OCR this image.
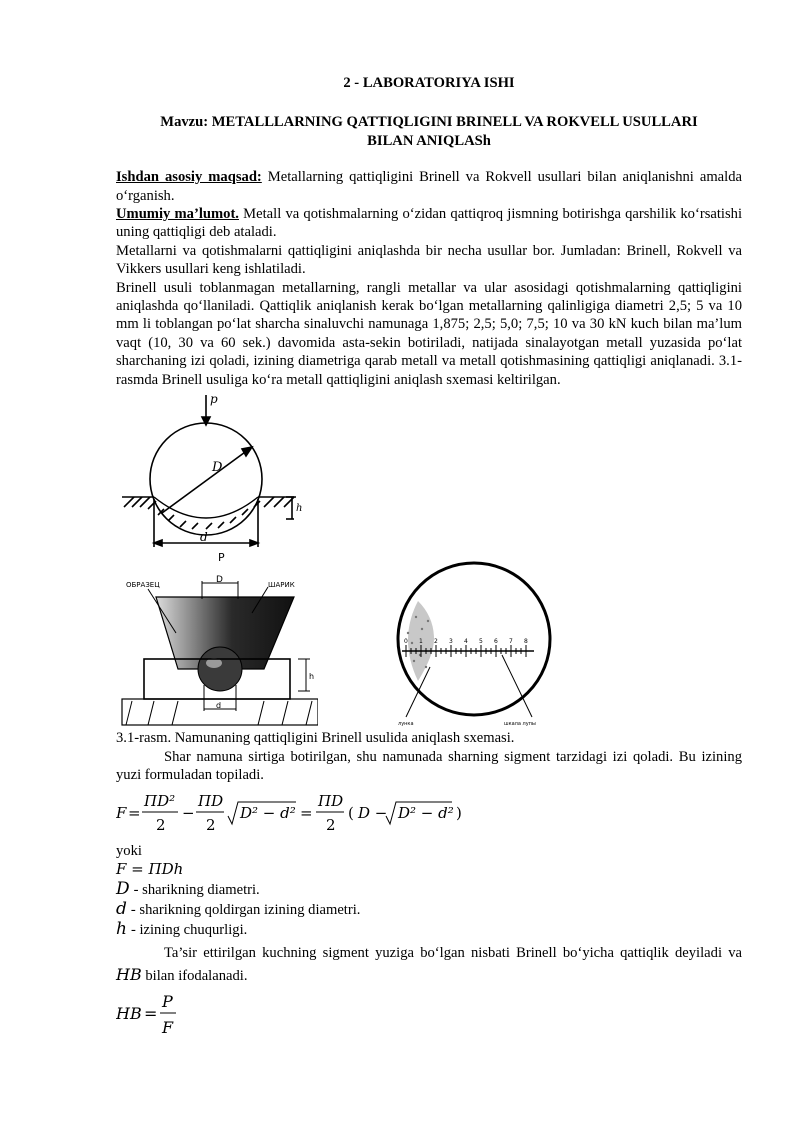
2 - LABORATORIYA ISHI
Mavzu: METALLLARNING QATTIQLIGINI BRINELL VA ROKVELL USULLARI
BILAN ANIQLASh

Ishdan asosiy maqsad: Metallarning qattiqligini Brinell va Rokvell usullari bilan aniqlanishni amalda o‘rganish.

Umumiy ma’lumot. Metall va qotishmalarning o‘zidan qattiqroq jismning botirishga qarshilik ko‘rsatishi uning qattiqligi deb ataladi.

Metallarni va qotishmalarni qattiqligini aniqlashda bir necha usullar bor. Jumladan: Brinell, Rokvell va Vikkers usullari keng ishlatiladi.

Brinell usuli toblanmagan metallarning, rangli metallar va ular asosidagi qotishmalarning qattiqligini aniqlashda qo‘llaniladi. Qattiqlik aniqlanish kerak bo‘lgan metallarning qalinligiga diametri 2,5; 5 va 10 mm li toblangan po‘lat sharcha sinaluvchi namunaga 1,875; 2,5; 5,0; 7,5; 10 va 30 kN kuch bilan ma’lum vaqt (10, 30 va 60 sek.) davomida asta-sekin botiriladi, natijada sinalayotgan metall yuzasida po‘lat sharchaning izi qoladi, izining diametriga qarab metall va metall qotishmasining qattiqligi aniqlanadi. 3.1-rasmda Brinell usuliga ko‘ra metall qattiqligini aniqlash sxemasi keltirilgan.

p
D
d
P
h
ОБРАЗЕЦ	ШАРИК
D
d
h
0 1 2 3 4 5 6 7 8
лунка	шкала лупы

3.1-rasm. Namunaning qattiqligini Brinell usulida aniqlash sxemasi.

Shar namuna sirtiga botirilgan, shu namunada sharning sigment tarzidagi izi qoladi. Bu izining yuzi formuladan topiladi.

F =
ΠD²
2
−
ΠD
2
D² − d² =
ΠD
2
( D − D² − d² )

yoki

F = ΠDh

D - sharikning diametri.
d - sharikning qoldirgan izining diametri.
h - izining chuqurligi.

Ta’sir ettirilgan kuchning sigment yuziga bo‘lgan nisbati Brinell bo‘yicha qattiqlik deyiladi va HB bilan ifodalanadi.

HB =
P
F
